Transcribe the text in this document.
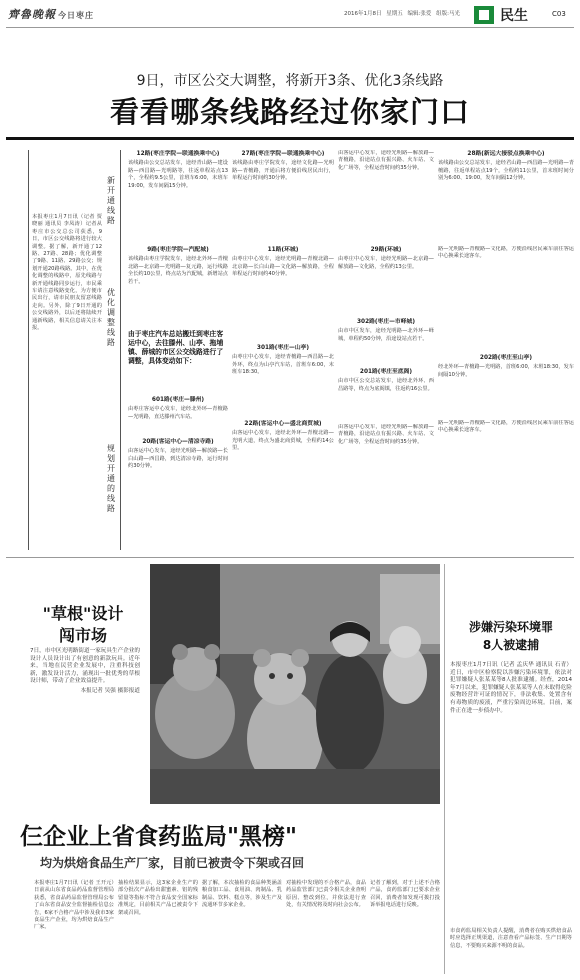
齊魯晚報 今日枣庄	2016年1月8日 星期五 编辑:张爱 组版:马光	民生	C03
9日，市区公交大调整，将新开3条、优化3条线路
看看哪条线路经过你家门口
本报枣庄1月7日讯（记者 贾晓丽 通讯员 李凤涛）记者从枣庄市公交总公司获悉，9日，市区公交线路将进行较大调整。据了解，新开通了12路、27路、28路；优化调整了9路、11路、29路公交；规划开通20路线路。其中，在优化调整的线路中，原先线路与新开通线路同步运行，市民乘车请注意线路变化，为方便市民出行，请市民朋友留意线路走向。另外，除了9日开通的公交线路外，以后还将陆续开通新线路，相关信息请关注本报。
新开通线路
优化调整线路
规划开通的线路
12路(枣庄学院—联通换乘中心)
该线路由公交总站发车，途经青山路—建设路—西昌路—光明路等，往返单程站点13个，全程约9.5公里，首班车6:00，末班车19:00，发车间隔15分钟。
27路(枣庄学院—联通换乘中心)
该线路由枣庄学院发车，途经文化路—光明路—青檀路，开通后将方便沿线居民出行，单程运行时间约30分钟。
由客运中心发车，途经光明路—解放路—青檀路，沿途站点有振兴路、火车站、文化广场等，全程运营时间约35分钟。
28路(新远大接驳点换乘中心)
该线路由公交总站发车，途经君山路—西昌路—光明路—青檀路，往返单程站点19个，全程约11公里，首末班时间分别为6:00、19:00，发车间隔12分钟。
9路(枣庄学院—汽配城)
该线路由枣庄学院发车，途经北外环—青檀北路—北京路—光明路—复元路，运行线路全长约10公里，终点站为汽配城，新增站点若干。
11路(环城)
由枣庄中心发车，途经光明路—青檀北路—北京路—长白山路—文化路—解放路，全程单程运行时间约40分钟。
29路(环城)
由枣庄中心发车，途经光明路—北京路—解放路—文化路，全程约13公里。
路—光明路—青檀路—文化路，方便沿线居民乘车前往客运中心换乘长途客车。
由于枣庄汽车总站搬迁到枣庄客运中心，去往滕州、山亭、拖埔镇、薛城的市区公交线路进行了调整，具体变动如下：
601路(枣庄—滕州)
由枣庄客运中心发车，途经北外环—青檀路—光明路，直达滕州汽车站。
301路(枣庄—山亭)
由枣庄中心发车，途经青檀路—西昌路—北外环，终点为山亭汽车站，首班车6:00，末班车18:30。
302路(枣庄—市峄城)
由市中区发车，途经光明路—北外环—峄城，单程约50分钟，沿途设站点若干。
201路(枣庄至底阁)
由市中区公交总站发车，途经北外环、西昌路等，终点为底阁镇，往返约16公里。
202路(枣庄至山亭)
经北外环—青檀路—光明路，首班6:00，末班18:30，发车间隔10分钟。
20路(客运中心—清凉寺路)
由客运中心发车，途经光明路—解放路—长白山路—西昌路，到达清凉寺路，运行时间约30分钟。
22路(客运中心—盛北商贸城)
由客运中心发车，途经北外环—青檀北路—光明大道，终点为盛北商贸城，全程约14公里。
由客运中心发车，途经光明路—解放路—青檀路，沿途站点有振兴路、火车站、文化广场等，全程运营时间约35分钟。
路—光明路—青檀路—文化路，方便沿线居民乘车前往客运中心换乘长途客车。
"草根"设计
闯市场
7日，市中区光明路街道一家玩具生产企业的设计人员设计出了有创意的新款玩具。近年来，当地在民营企业发展中，注重科技创新，激发设计活力，涌现出一批优秀的草根设计师，带动了企业效益提升。
本报记者 吴强 摄影报道
涉嫌污染环境罪
8人被逮捕
本报枣庄1月7日讯（记者 孟庆华 通讯员 石青）近日，市中区检察院以涉嫌污染环境罪，依法对犯罪嫌疑人张某某等8人批准逮捕。经查，2014年7月以来，犯罪嫌疑人张某某等人在未取得危险废物经营许可证的情况下，非法收集、处置含有有毒物质的废液，严重污染周边环境。目前，案件正在进一步侦办中。
仨企业上省食药监局"黑榜"
均为烘焙食品生产厂家，目前已被责令下架或召回
本报枣庄1月7日讯（记者 王开元）日前从山东省食品药品监督管理局获悉，省食品药品监督管理局公布了山东省食品安全监督抽检信息公告，6家不合格产品中涉及我市3家食品生产企业，均为烘焙食品生产厂家。
抽检结果显示，这3家企业生产的部分批次产品检出甜蜜素、铝的残留量等指标不符合食品安全国家标准规定，目前相关产品已被责令下架或召回。
据了解，本次抽检的食品种类涵盖粮食加工品、食用油、肉制品、乳制品、饮料、糕点等，涉及生产及流通环节多家企业。
对抽检中发现的不合格产品，食品药品监管部门已责令相关企业查明原因、整改到位，并依法进行查处，有关情况将及时向社会公布。
记者了解到，对于上述不合格产品，食药监部门已要求企业召回，消费者如发现可拨打投诉举报电话进行反映。
市食药监局相关负责人提醒，消费者在购买烘焙食品时应选择正规渠道，注意查看产品标签、生产日期等信息，不要购买来源不明的食品。
